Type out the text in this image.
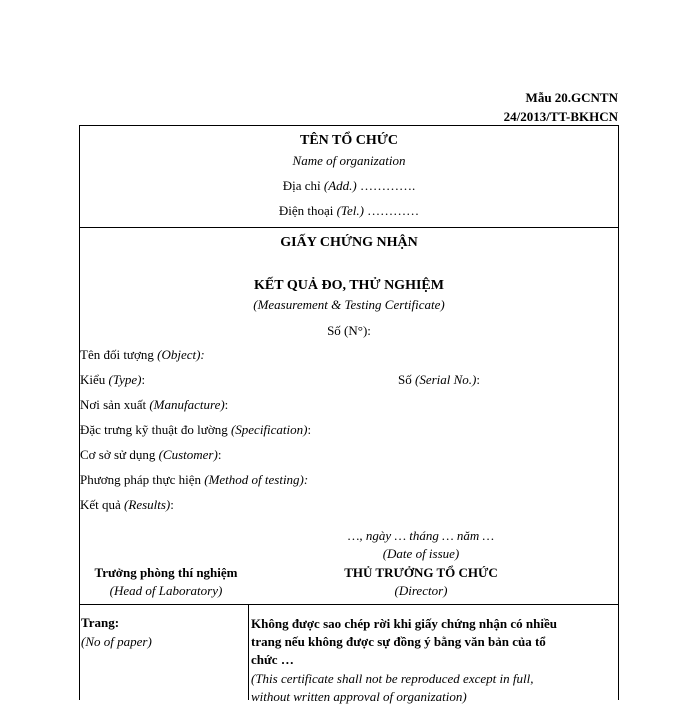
Mẫu 20.GCNTN
24/2013/TT-BKHCN
TÊN TỔ CHỨC
Name of organization
Địa chỉ (Add.) ………….
Điện thoại (Tel.) …………
GIẤY CHỨNG NHẬN
KẾT QUẢ ĐO, THỬ NGHIỆM
(Measurement & Testing Certificate)
Số (N°):
Tên đối tượng (Object):
Kiểu (Type):	Số (Serial No.):
Nơi sản xuất (Manufacture):
Đặc trưng kỹ thuật đo lường (Specification):
Cơ sở sử dụng (Customer):
Phương pháp thực hiện (Method of testing):
Kết quả (Results):
…, ngày … tháng … năm …
(Date of issue)
Trưởng phòng thí nghiệm
(Head of Laboratory)
THỦ TRƯỞNG TỔ CHỨC
(Director)
Trang:
(No of paper)
Không được sao chép rời khi giấy chứng nhận có nhiều
trang nếu không được sự đồng ý bằng văn bản của tổ
chức …
(This certificate shall not be reproduced except in full,
without written approval of organization)
